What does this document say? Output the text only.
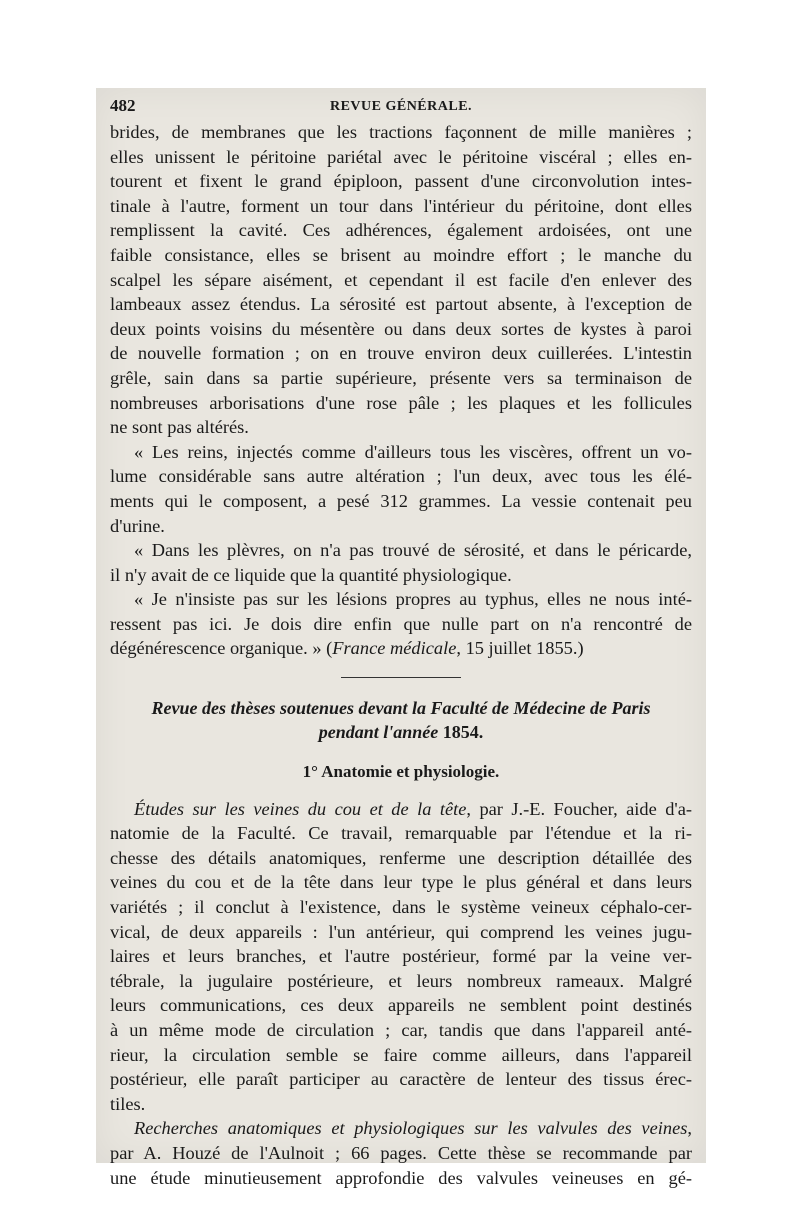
482	REVUE GÉNÉRALE.
brides, de membranes que les tractions façonnent de mille manières ;
elles unissent le péritoine pariétal avec le péritoine viscéral ; elles en-
tourent et fixent le grand épiploon, passent d'une circonvolution intes-
tinale à l'autre, forment un tour dans l'intérieur du péritoine, dont elles
remplissent la cavité. Ces adhérences, également ardoisées, ont une
faible consistance, elles se brisent au moindre effort ; le manche du
scalpel les sépare aisément, et cependant il est facile d'en enlever des
lambeaux assez étendus. La sérosité est partout absente, à l'exception de
deux points voisins du mésentère ou dans deux sortes de kystes à paroi
de nouvelle formation ; on en trouve environ deux cuillerées. L'intestin
grêle, sain dans sa partie supérieure, présente vers sa terminaison de
nombreuses arborisations d'une rose pâle ; les plaques et les follicules
ne sont pas altérés.
« Les reins, injectés comme d'ailleurs tous les viscères, offrent un vo-
lume considérable sans autre altération ; l'un deux, avec tous les élé-
ments qui le composent, a pesé 312 grammes. La vessie contenait peu
d'urine.
« Dans les plèvres, on n'a pas trouvé de sérosité, et dans le péricarde,
il n'y avait de ce liquide que la quantité physiologique.
« Je n'insiste pas sur les lésions propres au typhus, elles ne nous inté-
ressent pas ici. Je dois dire enfin que nulle part on n'a rencontré de
dégénérescence organique. » (France médicale, 15 juillet 1855.)
Revue des thèses soutenues devant la Faculté de Médecine de Paris
pendant l'année 1854.
1° Anatomie et physiologie.
Études sur les veines du cou et de la tête, par J.-E. Foucher, aide d'a-
natomie de la Faculté. Ce travail, remarquable par l'étendue et la ri-
chesse des détails anatomiques, renferme une description détaillée des
veines du cou et de la tête dans leur type le plus général et dans leurs
variétés ; il conclut à l'existence, dans le système veineux céphalo-cer-
vical, de deux appareils : l'un antérieur, qui comprend les veines jugu-
laires et leurs branches, et l'autre postérieur, formé par la veine ver-
tébrale, la jugulaire postérieure, et leurs nombreux rameaux. Malgré
leurs communications, ces deux appareils ne semblent point destinés
à un même mode de circulation ; car, tandis que dans l'appareil anté-
rieur, la circulation semble se faire comme ailleurs, dans l'appareil
postérieur, elle paraît participer au caractère de lenteur des tissus érec-
tiles.
Recherches anatomiques et physiologiques sur les valvules des veines,
par A. Houzé de l'Aulnoit ; 66 pages. Cette thèse se recommande par
une étude minutieusement approfondie des valvules veineuses en gé-
